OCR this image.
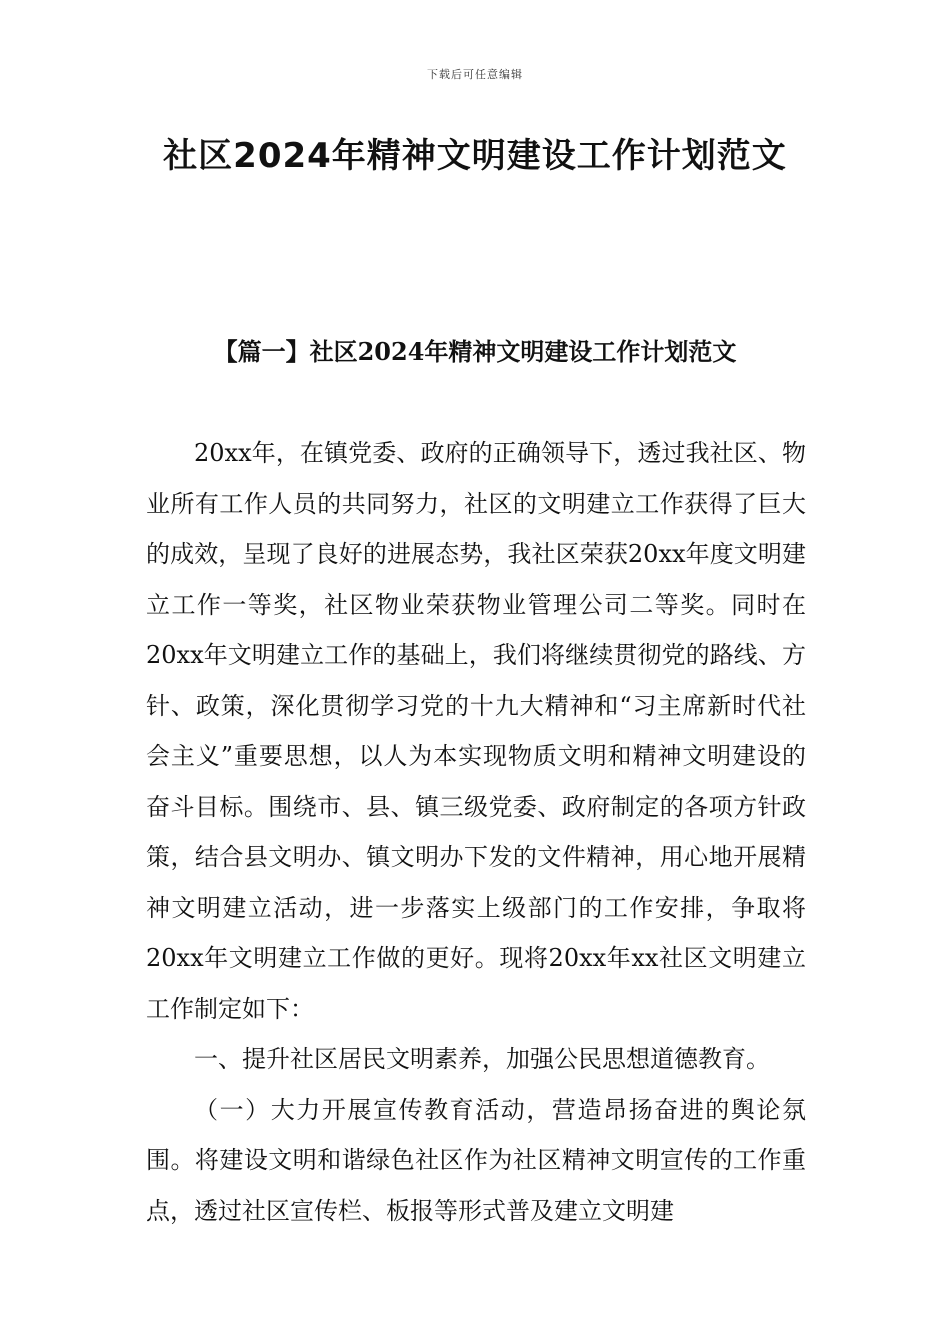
下载后可任意编辑
社区2024年精神文明建设工作计划范文
【篇一】社区2024年精神文明建设工作计划范文

20xx年，在镇党委、政府的正确领导下，透过我社区、物业所有工作人员的共同努力，社区的文明建立工作获得了巨大的成效，呈现了良好的进展态势，我社区荣获20xx年度文明建立工作一等奖，社区物业荣获物业管理公司二等奖。同时在20xx年文明建立工作的基础上，我们将继续贯彻党的路线、方针、政策，深化贯彻学习党的十九大精神和“习主席新时代社会主义”重要思想，以人为本实现物质文明和精神文明建设的奋斗目标。围绕市、县、镇三级党委、政府制定的各项方针政策，结合县文明办、镇文明办下发的文件精神，用心地开展精神文明建立活动，进一步落实上级部门的工作安排，争取将20xx年文明建立工作做的更好。现将20xx年xx社区文明建立工作制定如下：

一、提升社区居民文明素养，加强公民思想道德教育。

（一）大力开展宣传教育活动，营造昂扬奋进的舆论氛围。将建设文明和谐绿色社区作为社区精神文明宣传的工作重点，透过社区宣传栏、板报等形式普及建立文明建
